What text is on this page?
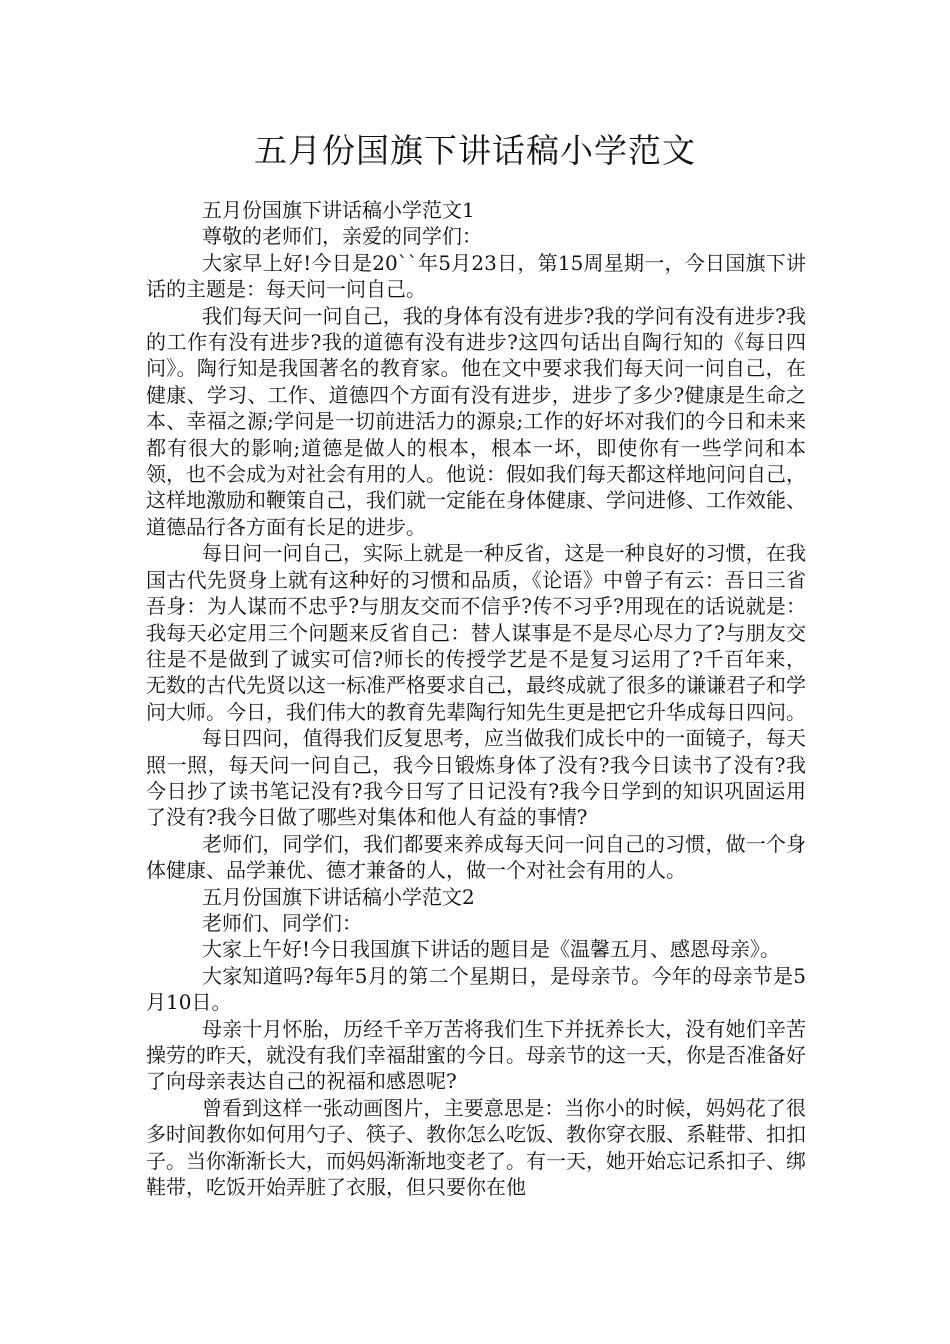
五月份国旗下讲话稿小学范文

五月份国旗下讲话稿小学范文1

尊敬的老师们，亲爱的同学们：

大家早上好!今日是20``年5月23日，第15周星期一，今日国旗下讲话的主题是：每天问一问自己。

我们每天问一问自己，我的身体有没有进步?我的学问有没有进步?我的工作有没有进步?我的道德有没有进步?这四句话出自陶行知的《每日四问》。陶行知是我国著名的教育家。他在文中要求我们每天问一问自己，在健康、学习、工作、道德四个方面有没有进步，进步了多少?健康是生命之本、幸福之源;学问是一切前进活力的源泉;工作的好坏对我们的今日和未来都有很大的影响;道德是做人的根本，根本一坏，即使你有一些学问和本领，也不会成为对社会有用的人。他说：假如我们每天都这样地问问自己，这样地激励和鞭策自己，我们就一定能在身体健康、学问进修、工作效能、道德品行各方面有长足的进步。

每日问一问自己，实际上就是一种反省，这是一种良好的习惯，在我国古代先贤身上就有这种好的习惯和品质，《论语》中曾子有云：吾日三省吾身：为人谋而不忠乎?与朋友交而不信乎?传不习乎?用现在的话说就是：我每天必定用三个问题来反省自己：替人谋事是不是尽心尽力了?与朋友交往是不是做到了诚实可信?师长的传授学艺是不是复习运用了?千百年来，无数的古代先贤以这一标准严格要求自己，最终成就了很多的谦谦君子和学问大师。今日，我们伟大的教育先辈陶行知先生更是把它升华成每日四问。

每日四问，值得我们反复思考，应当做我们成长中的一面镜子，每天照一照，每天问一问自己，我今日锻炼身体了没有?我今日读书了没有?我今日抄了读书笔记没有?我今日写了日记没有?我今日学到的知识巩固运用了没有?我今日做了哪些对集体和他人有益的事情?

老师们，同学们，我们都要来养成每天问一问自己的习惯，做一个身体健康、品学兼优、德才兼备的人，做一个对社会有用的人。

五月份国旗下讲话稿小学范文2

老师们、同学们：

大家上午好!今日我国旗下讲话的题目是《温馨五月、感恩母亲》。

大家知道吗?每年5月的第二个星期日，是母亲节。今年的母亲节是5月10日。

母亲十月怀胎，历经千辛万苦将我们生下并抚养长大，没有她们辛苦操劳的昨天，就没有我们幸福甜蜜的今日。母亲节的这一天，你是否准备好了向母亲表达自己的祝福和感恩呢?

曾看到这样一张动画图片，主要意思是：当你小的时候，妈妈花了很多时间教你如何用勺子、筷子、教你怎么吃饭、教你穿衣服、系鞋带、扣扣子。当你渐渐长大，而妈妈渐渐地变老了。有一天，她开始忘记系扣子、绑鞋带，吃饭开始弄脏了衣服，但只要你在他
